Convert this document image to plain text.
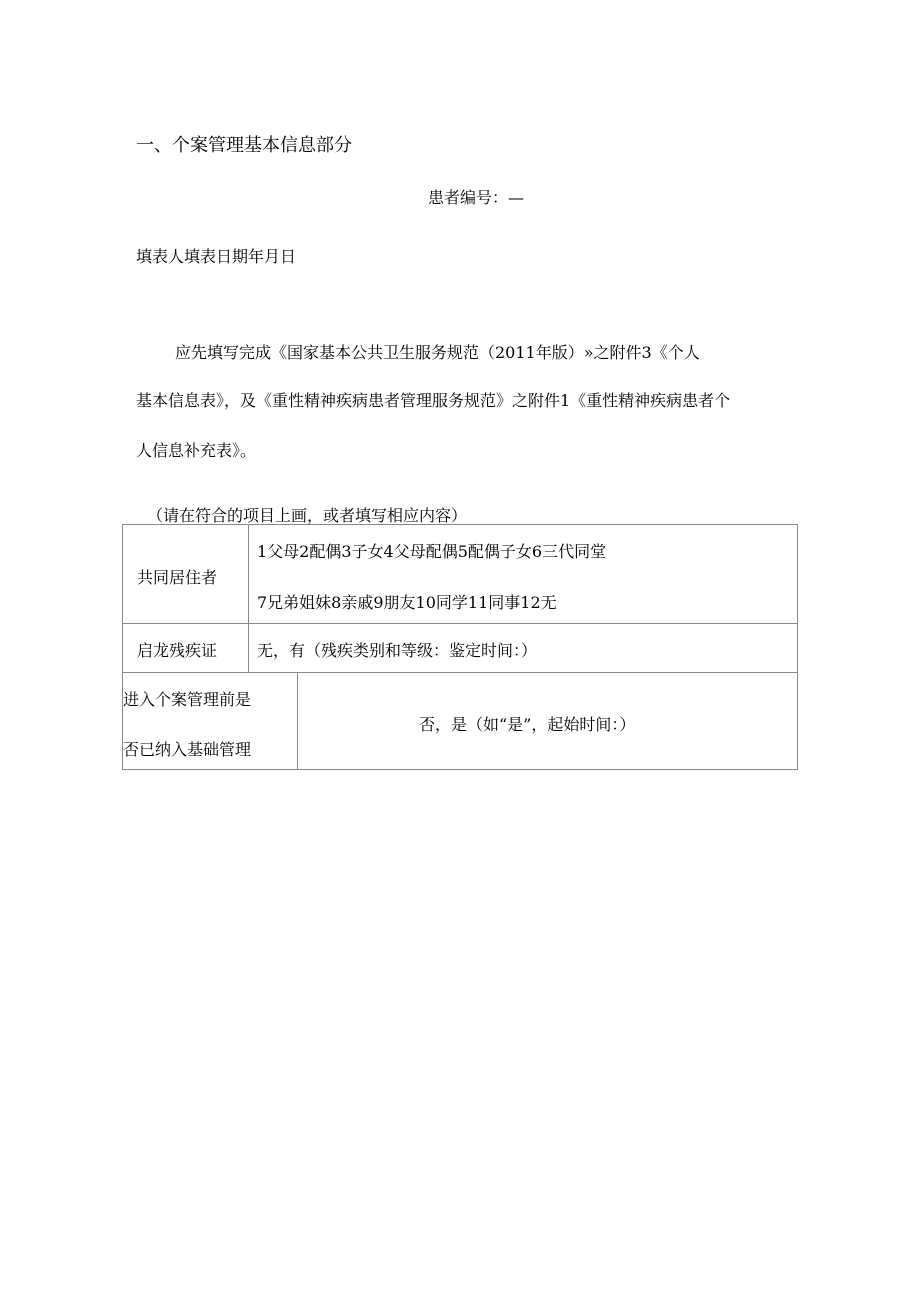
一、个案管理基本信息部分
患者编号：—
填表人填表日期年月日
应先填写完成《国家基本公共卫生服务规范（2011年版）»之附件3《个人
基本信息表》，及《重性精神疾病患者管理服务规范》之附件1《重性精神疾病患者个
人信息补充表》。
（请在符合的项目上画，或者填写相应内容）
共同居住者
1父母2配偶3子女4父母配偶5配偶子女6三代同堂
7兄弟姐妹8亲戚9朋友10同学11同事12无
启龙残疾证 无，有（残疾类别和等级：鉴定时间：）
进入个案管理前是
否已纳入基础管理
否，是（如“是”，起始时间：）
